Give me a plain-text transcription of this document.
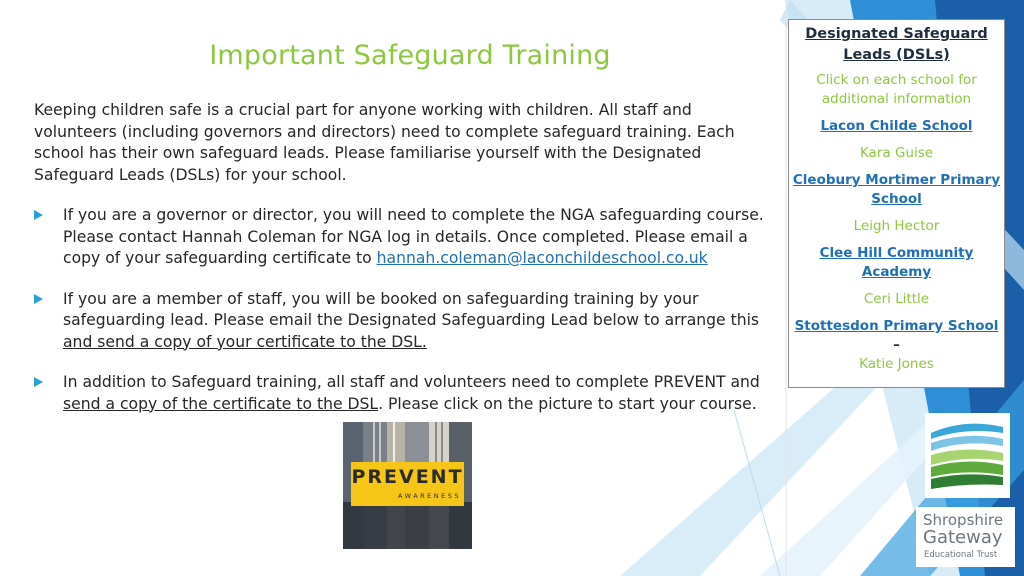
Important Safeguard Training
Keeping children safe is a crucial part for anyone working with children. All staff and volunteers (including governors and directors) need to complete safeguard training. Each school has their own safeguard leads. Please familiarise yourself with the Designated Safeguard Leads (DSLs) for your school.
If you are a governor or director, you will need to complete the NGA safeguarding course. Please contact Hannah Coleman for NGA log in details. Once completed. Please email a copy of your safeguarding certificate to hannah.coleman@laconchildeschool.co.uk
If you are a member of staff, you will be booked on safeguarding training by your safeguarding lead. Please email the Designated Safeguarding Lead below to arrange this and send a copy of your certificate to the DSL.
In addition to Safeguard training, all staff and volunteers need to complete PREVENT and send a copy of the certificate to the DSL. Please click on the picture to start your course.
PREVENT
AWARENESS
Designated Safeguard Leads (DSLs)
Click on each school for additional information
Lacon Childe School
Kara Guise
Cleobury Mortimer Primary School
Leigh Hector
Clee Hill Community Academy
Ceri Little
Stottesdon Primary School –
Katie Jones
Shropshire
Gateway
Educational Trust
